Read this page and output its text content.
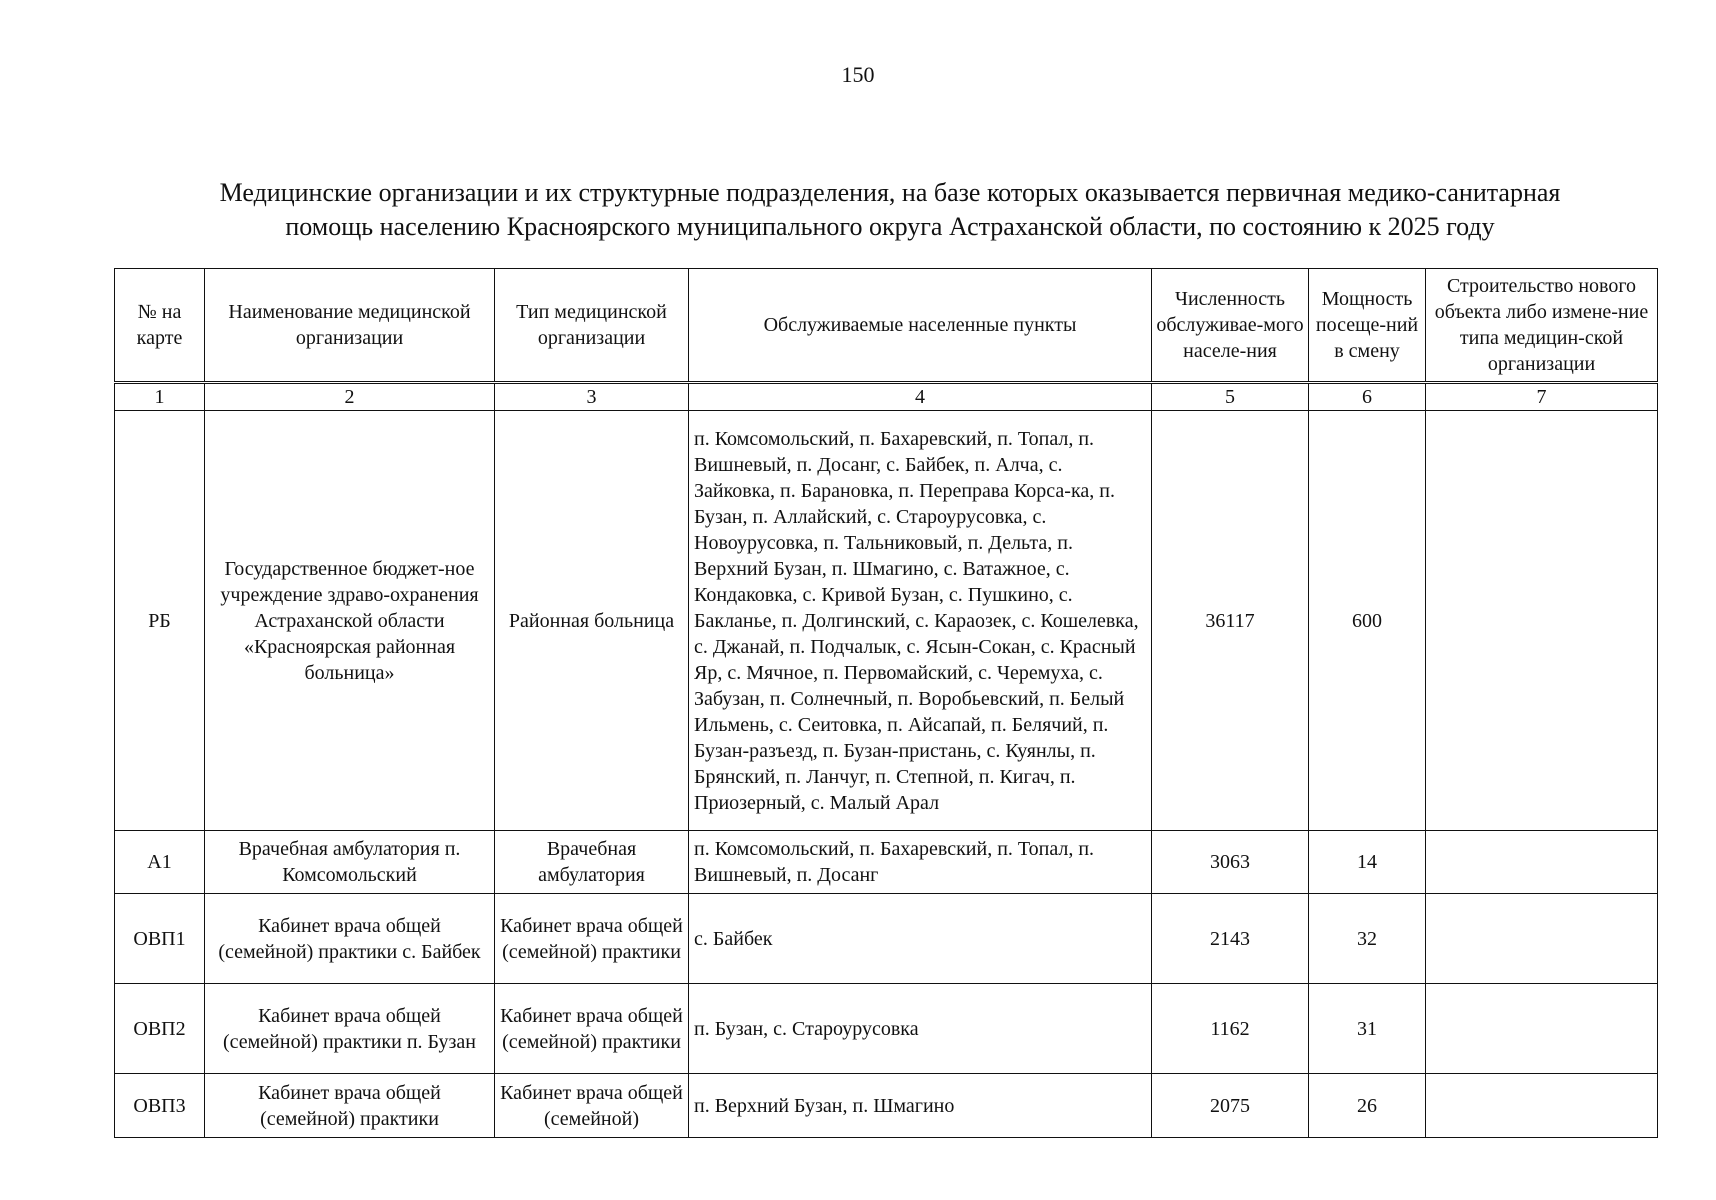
150
Медицинские организации и их структурные подразделения, на базе которых оказывается первичная медико-санитарная
помощь населению Красноярского муниципального округа Астраханской области, по состоянию к 2025 году
№ на карте	Наименование медицинской организации	Тип медицинской организации	Обслуживаемые населенные пункты	Численность обслуживае-мого населе-ния	Мощность посеще-ний в смену	Строительство нового объекта либо измене-ние типа медицин-ской организации
1	2	3	4	5	6	7
РБ	Государственное бюджет-ное учреждение здраво-охранения Астраханской области «Красноярская районная больница»	Районная больница	п. Комсомольский, п. Бахаревский, п. Топал, п. Вишневый, п. Досанг, с. Байбек, п. Алча, с. Зайковка, п. Барановка, п. Переправа Корса-ка, п. Бузан, п. Аллайский, с. Староурусовка, с. Новоурусовка, п. Тальниковый, п. Дельта, п. Верхний Бузан, п. Шмагино, с. Ватажное, с. Кондаковка, с. Кривой Бузан, с. Пушкино, с. Бакланье, п. Долгинский, с. Караозек, с. Кошелевка, с. Джанай, п. Подчалык, с. Ясын-Сокан, с. Красный Яр, с. Мячное, п. Первомайский, с. Черемуха, с. Забузан, п. Солнечный, п. Воробьевский, п. Белый Ильмень, с. Сеитовка, п. Айсапай, п. Белячий, п. Бузан-разъезд, п. Бузан-пристань, с. Куянлы, п. Брянский, п. Ланчуг, п. Степной, п. Кигач, п. Приозерный, с. Малый Арал	36117	600	
А1	Врачебная амбулатория п. Комсомольский	Врачебная амбулатория	п. Комсомольский, п. Бахаревский, п. Топал, п. Вишневый, п. Досанг	3063	14	
ОВП1	Кабинет врача общей (семейной) практики с. Байбек	Кабинет врача общей (семейной) практики	с. Байбек	2143	32	
ОВП2	Кабинет врача общей (семейной) практики п. Бузан	Кабинет врача общей (семейной) практики	п. Бузан, с. Староурусовка	1162	31	
ОВП3	Кабинет врача общей (семейной) практики	Кабинет врача общей (семейной)	п. Верхний Бузан, п. Шмагино	2075	26	
